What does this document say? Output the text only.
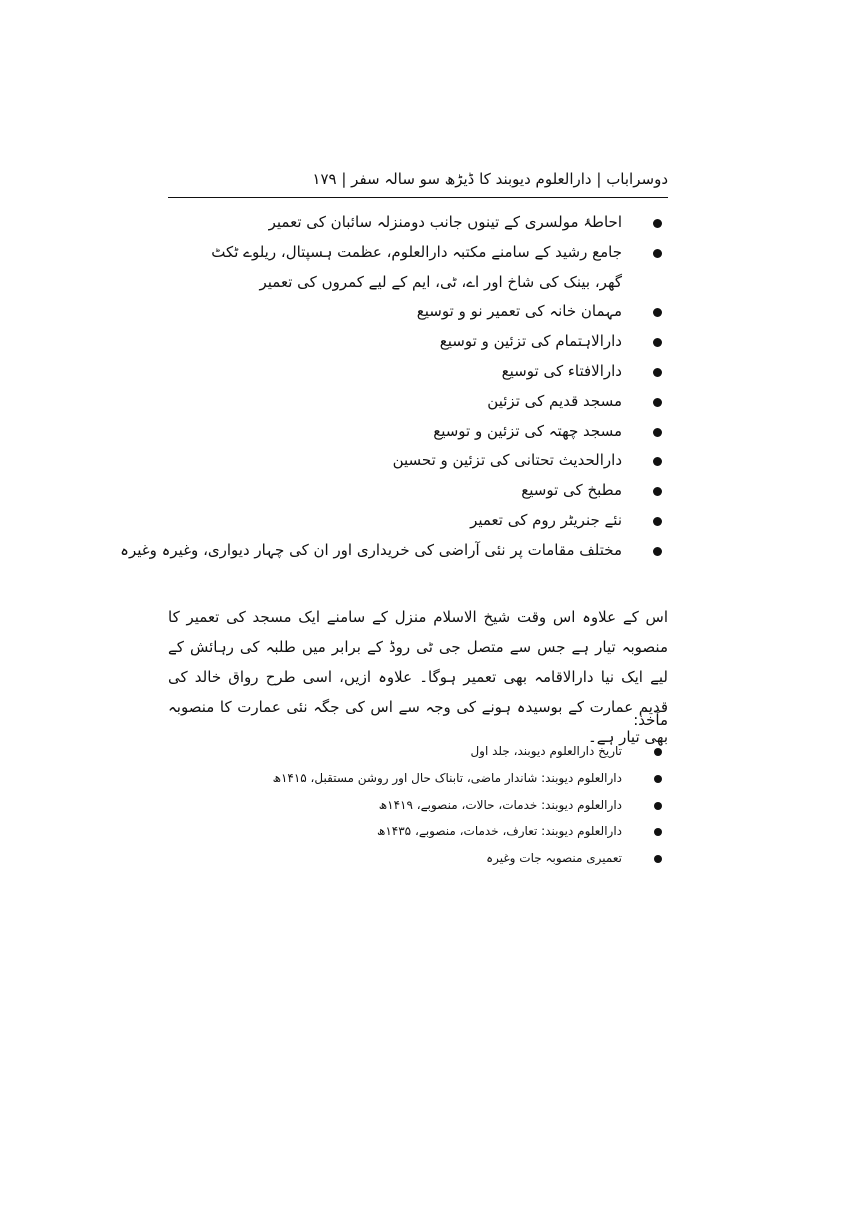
دوسراباب | دارالعلوم دیوبند کا ڈیڑھ سو سالہ سفر | ۱۷۹
احاطۂ مولسری کے تینوں جانب دومنزلہ سائبان کی تعمیر
جامع رشید کے سامنے مکتبہ دارالعلوم، عظمت ہسپتال، ریلوے ٹکٹ گھر، بینک کی شاخ اور اے، ٹی، ایم کے لیے کمروں کی تعمیر
مہمان خانہ کی تعمیر نو و توسیع
دارالاہتمام کی تزئین و توسیع
دارالافتاء کی توسیع
مسجد قدیم کی تزئین
مسجد چھتہ کی تزئین و توسیع
دارالحدیث تحتانی کی تزئین و تحسین
مطبخ کی توسیع
نئے جنریٹر روم کی تعمیر
مختلف مقامات پر نئی آراضی کی خریداری اور ان کی چہار دیواری، وغیرہ وغیرہ

اس کے علاوہ اس وقت شیخ الاسلام منزل کے سامنے ایک مسجد کی تعمیر کا منصوبہ تیار ہے جس سے متصل جی ٹی روڈ کے برابر میں طلبہ کی رہائش کے لیے ایک نیا دارالاقامہ بھی تعمیر ہوگا۔ علاوہ ازیں، اسی طرح رواق خالد کی قدیم عمارت کے بوسیدہ ہونے کی وجہ سے اس کی جگہ نئی عمارت کا منصوبہ بھی تیار ہے۔

مآخذ:
تاریخ دارالعلوم دیوبند، جلد اول
دارالعلوم دیوبند: شاندار ماضی، تابناک حال اور روشن مستقبل، ۱۴۱۵ھ
دارالعلوم دیوبند: خدمات، حالات، منصوبے، ۱۴۱۹ھ
دارالعلوم دیوبند: تعارف، خدمات، منصوبے، ۱۴۳۵ھ
تعمیری منصوبہ جات وغیرہ
